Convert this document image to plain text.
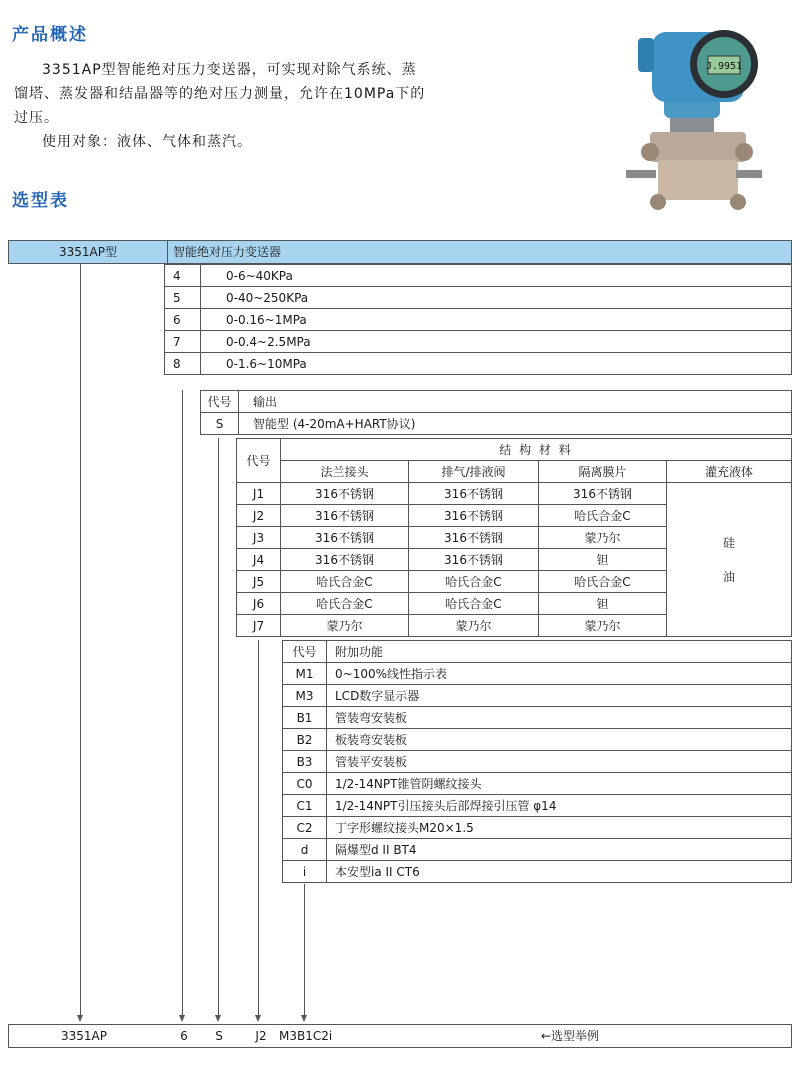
产品概述

3351AP型智能绝对压力变送器，可实现对除气系统、蒸

馏塔、蒸发器和结晶器等的绝对压力测量，允许在10MPa下的

过压。

使用对象：液体、气体和蒸汽。

J.9951
选型表
3351AP型	智能绝对压力变送器
4	0-6~40KPa
5	0-40~250KPa
6	0-0.16~1MPa
7	0-0.4~2.5MPa
8	0-1.6~10MPa
代号	输出
S	智能型 (4-20mA+HART协议)
代号	结 构 材 料			
	法兰接头	排气/排液阀	隔离膜片	灌充液体
J1	316不锈钢	316不锈钢	316不锈钢	硅
油

J2	316不锈钢	316不锈钢	哈氏合金C	
J3	316不锈钢	316不锈钢	蒙乃尔	
J4	316不锈钢	316不锈钢	钽	
J5	哈氏合金C	哈氏合金C	哈氏合金C	
J6	哈氏合金C	哈氏合金C	钽	
J7	蒙乃尔	蒙乃尔	蒙乃尔	
代号	附加功能
M1	0~100%线性指示表
M3	LCD数字显示器
B1	管装弯安装板
B2	板装弯安装板
B3	管装平安装板
C0	1/2-14NPT锥管阴螺纹接头
C1	1/2-14NPT引压接头后部焊接引压管 φ14
C2	丁字形螺纹接头M20×1.5
d	隔爆型d II BT4
i	本安型ia II CT6
3351AP	6	S	J2	M3B1C2i	←选型举例
